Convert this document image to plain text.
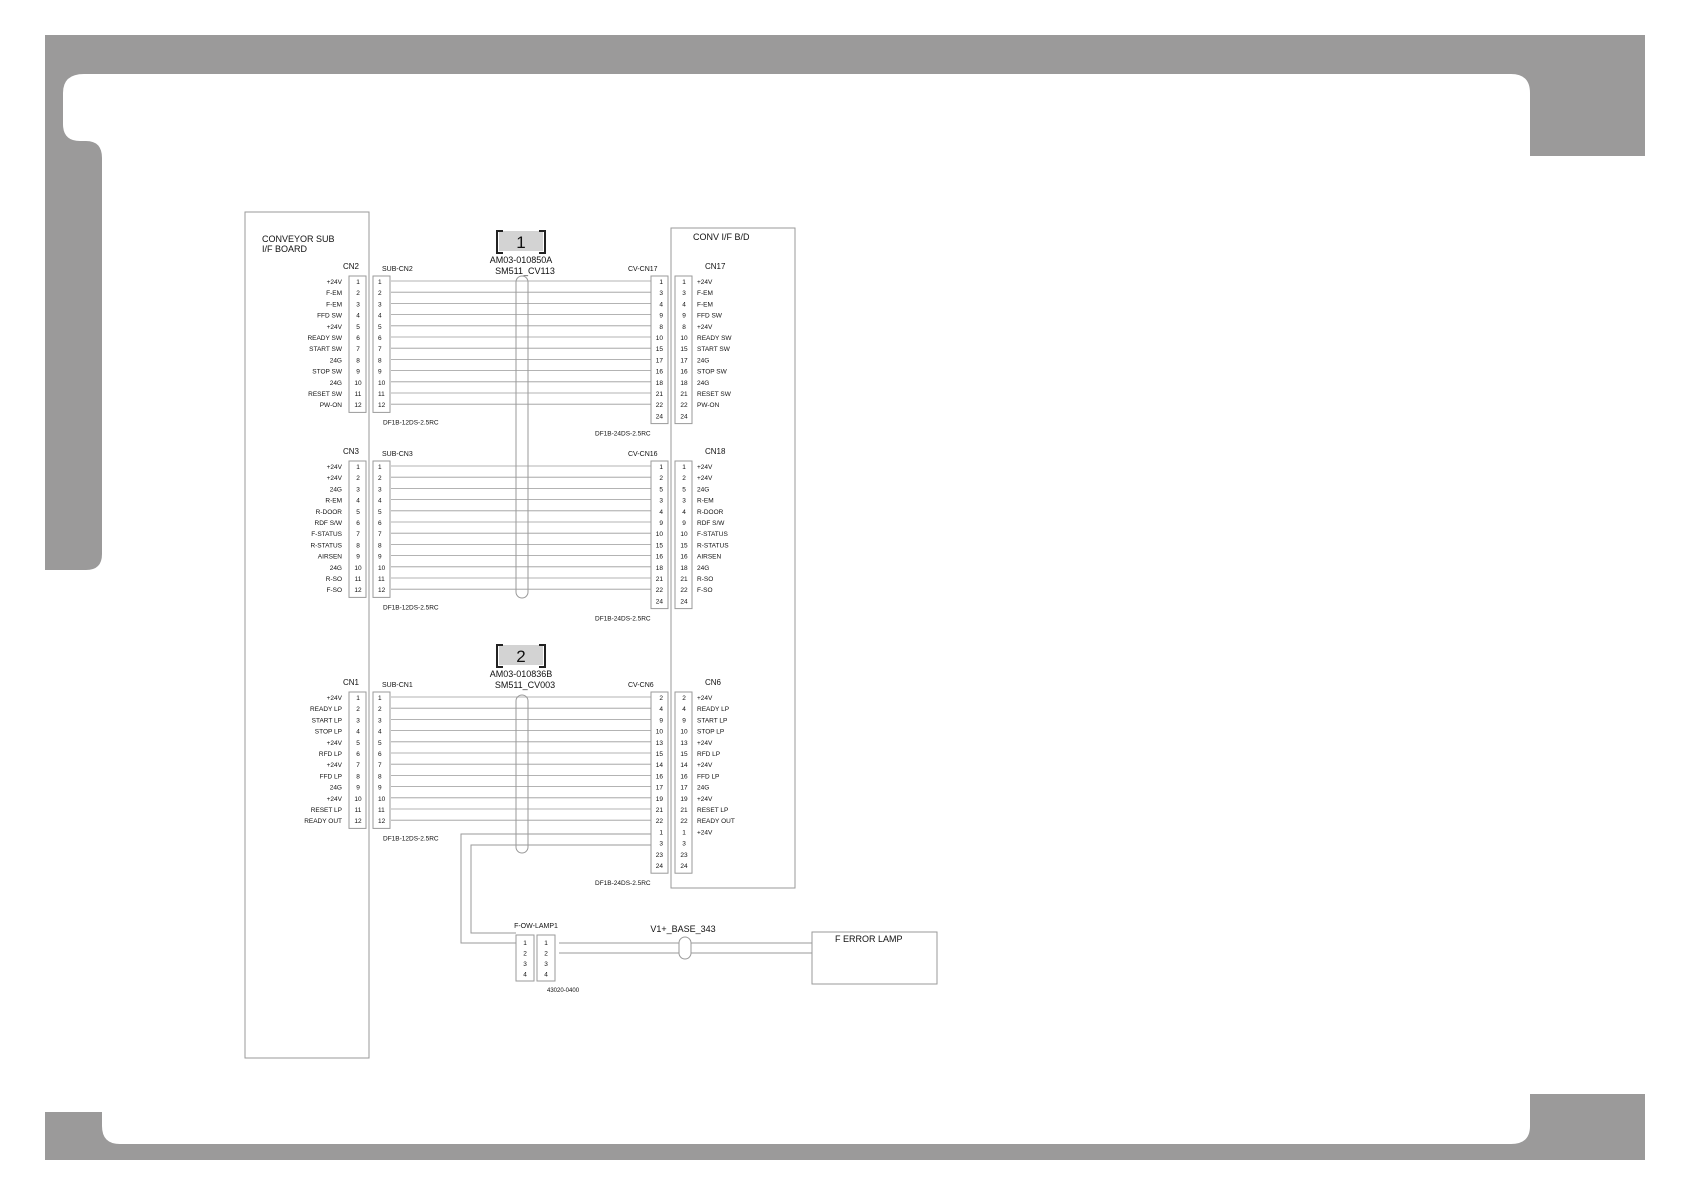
CONVEYOR SUB
I/F BOARD
CONV I/F B/D
1
AM03-010850A
SM511_CV113
2
AM03-010836B
SM511_CV003
V1+_BASE_343
F-OW-LAMP1
1	1
2	2
3	3
4	4
43020-0400
F ERROR LAMP
CN2	SUB-CN2	CV-CN17	CN17
+24V 1	1	1	1 +24V
F-EM 2	2	3	3 F-EM
F-EM 3	3	4	4 F-EM
FFD SW 4	4	9	9 FFD SW
+24V 5	5	8	8 +24V
READY SW 6	6	10	10 READY SW
START SW 7	7	15	15 START SW
24G 8	8	17	17 24G
STOP SW 9	9	16	16 STOP SW
24G 10	10	18	18 24G
RESET SW 11	11	21	21 RESET SW
PW-ON 12	12	22	22 PW-ON
24	24
DF1B-12DS-2.5RC
DF1B-24DS-2.5RC
CN3	SUB-CN3	CV-CN16	CN18
+24V 1	1	1	1 +24V
+24V 2	2	2	2 +24V
24G 3	3	5	5 24G
R-EM 4	4	3	3 R-EM
R-DOOR 5	5	4	4 R-DOOR
RDF S/W 6	6	9	9 RDF S/W
F-STATUS 7	7	10	10 F-STATUS
R-STATUS 8	8	15	15 R-STATUS
AIRSEN 9	9	16	16 AIRSEN
24G 10	10	18	18 24G
R-SO 11	11	21	21 R-SO
F-SO 12	12	22	22 F-SO
24	24
DF1B-12DS-2.5RC
DF1B-24DS-2.5RC
CN1	SUB-CN1	CV-CN6	CN6
+24V 1	1	2	2 +24V
READY LP 2	2	4	4 READY LP
START LP 3	3	9	9 START LP
STOP LP 4	4	10	10 STOP LP
+24V 5	5	13	13 +24V
RFD LP 6	6	15	15 RFD LP
+24V 7	7	14	14 +24V
FFD LP 8	8	16	16 FFD LP
24G 9	9	17	17 24G
+24V 10	10	19	19 +24V
RESET LP 11	11	21	21 RESET LP
READY OUT 12	12	22	22 READY OUT
1	1 +24V
3	3
23	23
24	24
DF1B-12DS-2.5RC
DF1B-24DS-2.5RC
